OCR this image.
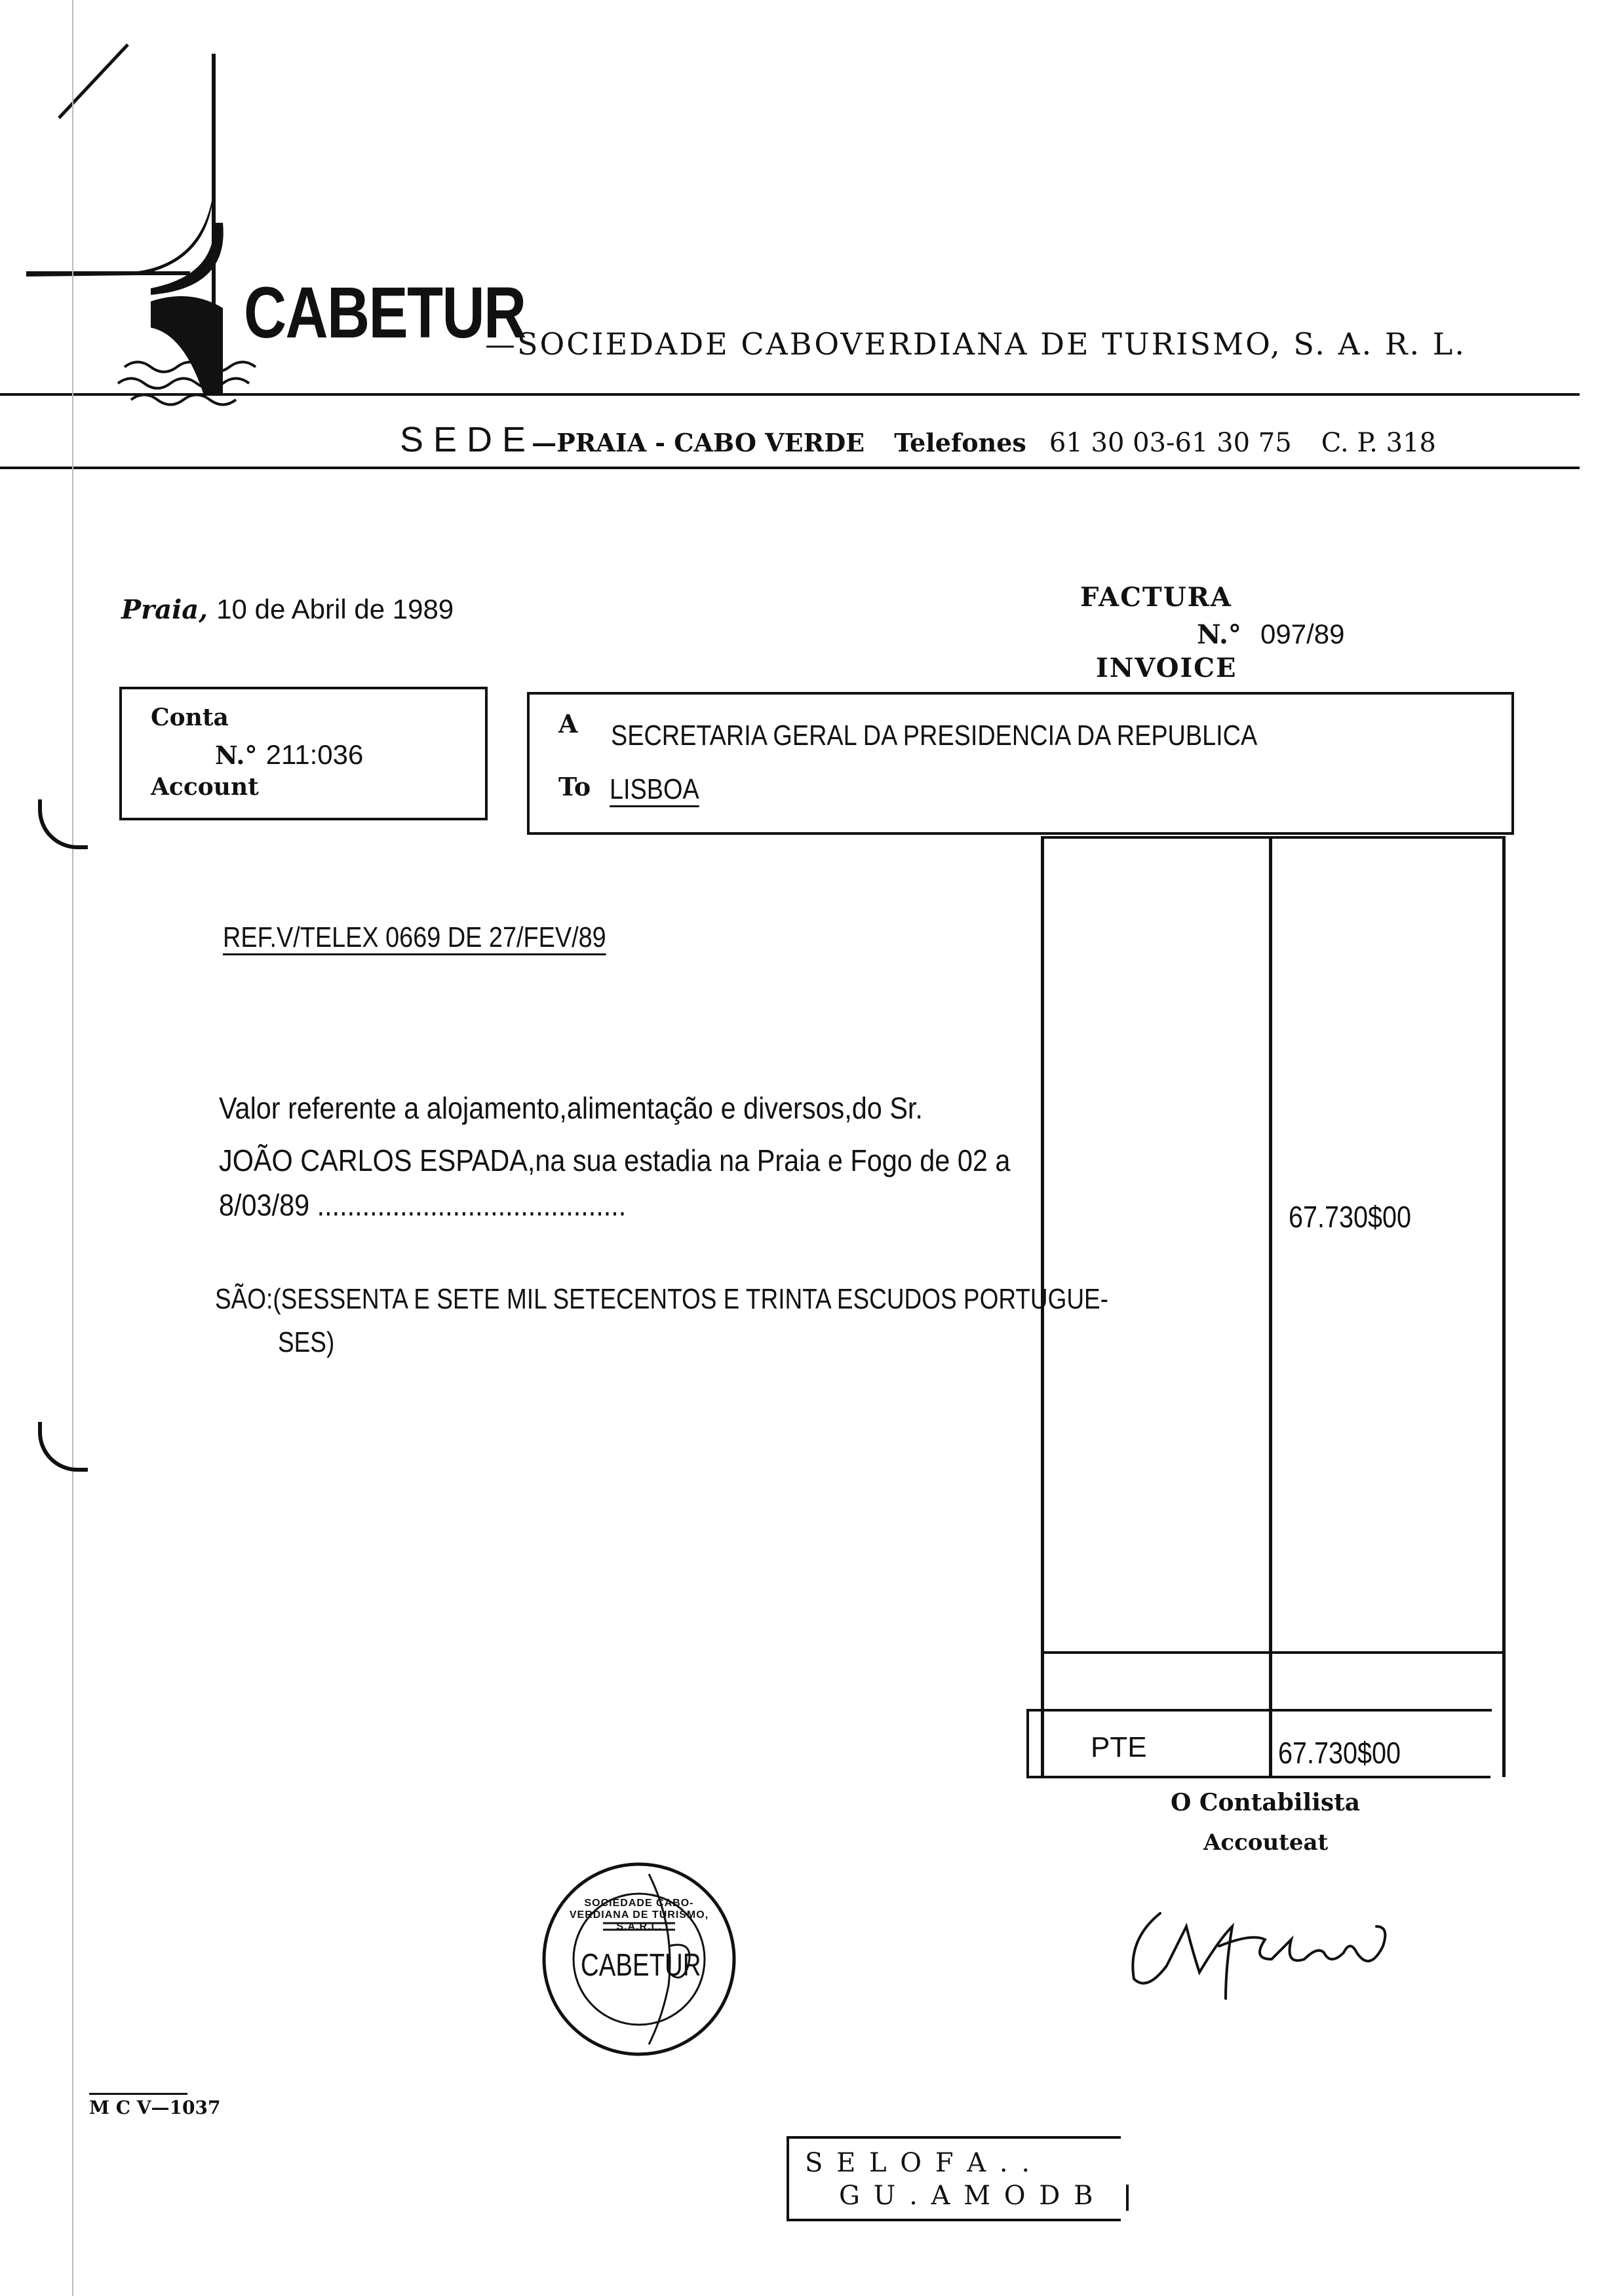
CABETUR
—SOCIEDADE CABOVERDIANA DE TURISMO, S. A. R. L.
S E D E —PRAIA - CABO VERDE Telefones 61 30 03-61 30 75 C. P. 318
Praia, 10 de Abril de 1989	FACTURA
N.° 097/89
INVOICE
Conta
N.° 211:036
Account
A SECRETARIA GERAL DA PRESIDENCIA DA REPUBLICA
To LISBOA
REF.V/TELEX 0669 DE 27/FEV/89
Valor referente a alojamento,alimentação e diversos,do Sr.
JOÃO CARLOS ESPADA,na sua estadia na Praia e Fogo de 02 a
8/03/89 .........................................	67.730$00
SÃO:(SESSENTA E SETE MIL SETECENTOS E TRINTA ESCUDOS PORTUGUE-
SES)
PTE	67.730$00
O Contabilista
Accouteat
CABETUR
SOCIEDADE CABO-VERDIANA DE TURISMO, S.A.R.L.
M C V—1037
S E L O F A . .
G U . A M O D B
